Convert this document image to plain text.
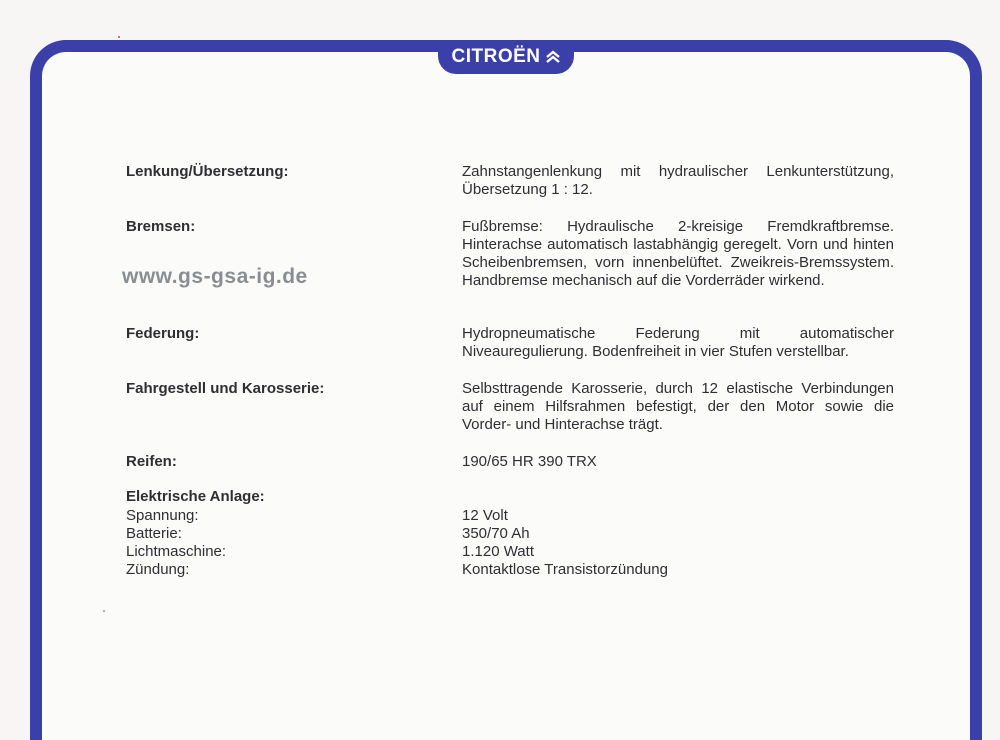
CITROËN
www.gs-gsa-ig.de
Lenkung/Übersetzung:	Zahnstangenlenkung mit hydraulischer Lenkunterstützung, Übersetzung 1 : 12.
Bremsen:	Fußbremse: Hydraulische 2-kreisige Fremdkraftbremse. Hinterachse automatisch lastabhängig geregelt. Vorn und hinten Scheibenbremsen, vorn innenbelüftet. Zweikreis-Bremssystem. Handbremse mechanisch auf die Vorderräder wirkend.
Federung:	Hydropneumatische Federung mit automatischer Niveauregulierung. Bodenfreiheit in vier Stufen verstellbar.
Fahrgestell und Karosserie:	Selbsttragende Karosserie, durch 12 elastische Verbindungen auf einem Hilfsrahmen befestigt, der den Motor sowie die Vorder- und Hinterachse trägt.
Reifen:	190/65 HR 390 TRX
Elektrische Anlage:
Spannung:	12 Volt
Batterie:	350/70 Ah
Lichtmaschine:	1.120 Watt
Zündung:	Kontaktlose Transistorzündung
